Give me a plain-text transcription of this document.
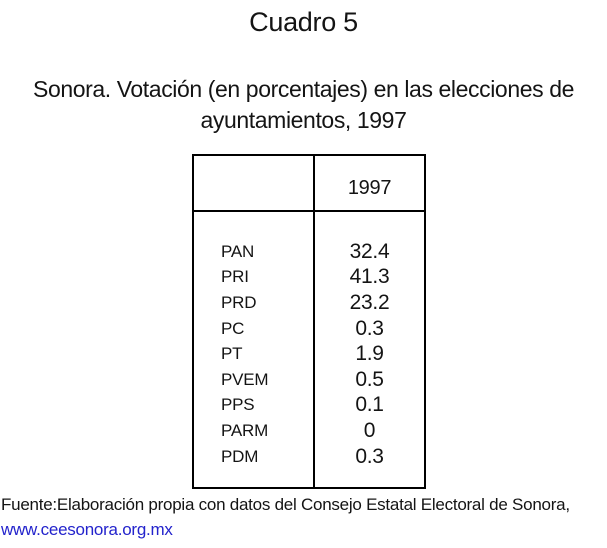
Cuadro 5
Sonora. Votación (en porcentajes) en las elecciones de
ayuntamientos, 1997
1997
PAN	32.4
PRI	41.3
PRD	23.2
PC	0.3
PT	1.9
PVEM	0.5
PPS	0.1
PARM	0
PDM	0.3
Fuente:Elaboración propia con datos del Consejo Estatal Electoral de Sonora,
www.ceesonora.org.mx
